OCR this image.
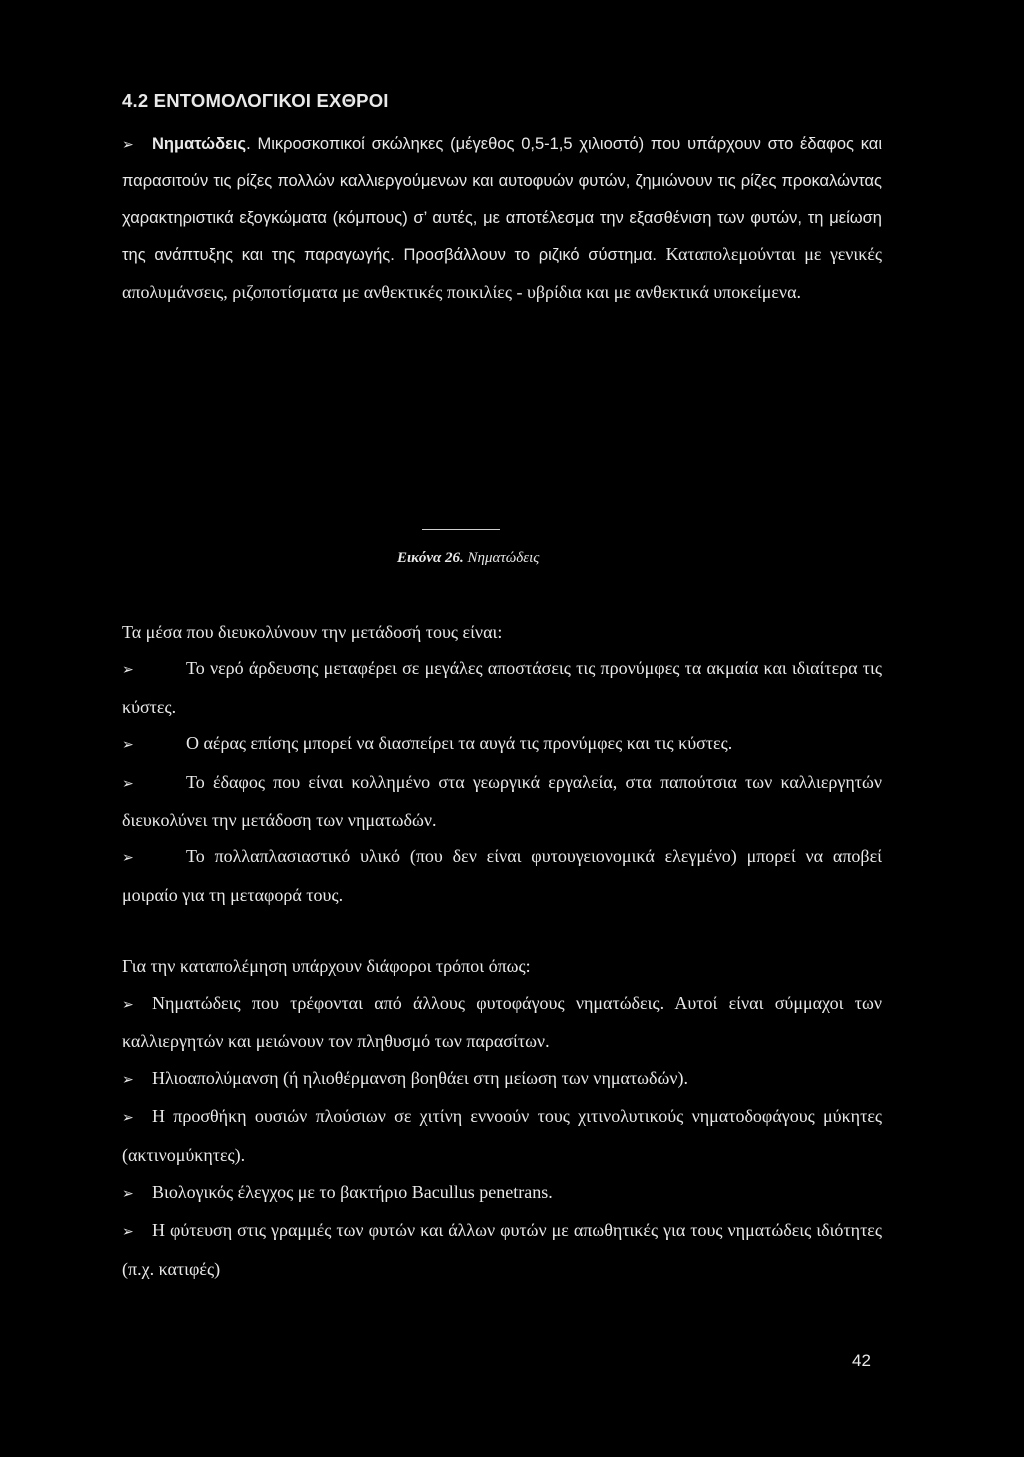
4.2 ΕΝΤΟΜΟΛΟΓΙΚΟΙ ΕΧΘΡΟΙ

➢ Νηματώδεις. Μικροσκοπικοί σκώληκες (μέγεθος 0,5-1,5 χιλιοστό) που υπάρχουν στο έδαφος και παρασιτούν τις ρίζες πολλών καλλιεργούμενων και αυτοφυών φυτών, ζημιώνουν τις ρίζες προκαλώντας χαρακτηριστικά εξογκώματα (κόμπους) σ’ αυτές, με αποτέλεσμα την εξασθένιση των φυτών, τη μείωση της ανάπτυξης και της παραγωγής. Προσβάλλουν το ριζικό σύστημα. Καταπολεμούνται με γενικές απολυμάνσεις, ριζοποτίσματα με ανθεκτικές ποικιλίες - υβρίδια και με ανθεκτικά υποκείμενα.

Εικόνα 26. Νηματώδεις

Τα μέσα που διευκολύνουν την μετάδοσή τους είναι:

➢	Το νερό άρδευσης μεταφέρει σε μεγάλες αποστάσεις τις προνύμφες τα ακμαία και ιδιαίτερα τις κύστες.

➢	Ο αέρας επίσης μπορεί να διασπείρει τα αυγά τις προνύμφες και τις κύστες.

➢	Το έδαφος που είναι κολλημένο στα γεωργικά εργαλεία, στα παπούτσια των καλλιεργητών διευκολύνει την μετάδοση των νηματωδών.

➢	Το πολλαπλασιαστικό υλικό (που δεν είναι φυτουγειονομικά ελεγμένο) μπορεί να αποβεί μοιραίο για τη μεταφορά τους.

Για την καταπολέμηση υπάρχουν διάφοροι τρόποι όπως:

➢ Νηματώδεις που τρέφονται από άλλους φυτοφάγους νηματώδεις. Αυτοί είναι σύμμαχοι των καλλιεργητών και μειώνουν τον πληθυσμό των παρασίτων.

➢ Ηλιοαπολύμανση (ή ηλιοθέρμανση βοηθάει στη μείωση των νηματωδών).

➢ Η προσθήκη ουσιών πλούσιων σε χιτίνη εννοούν τους χιτινολυτικούς νηματοδοφάγους μύκητες (ακτινομύκητες).

➢ Βιολογικός έλεγχος με το βακτήριο Bacullus penetrans.

➢ Η φύτευση στις γραμμές των φυτών και άλλων φυτών με απωθητικές για τους νηματώδεις ιδιότητες (π.χ. κατιφές)

42
